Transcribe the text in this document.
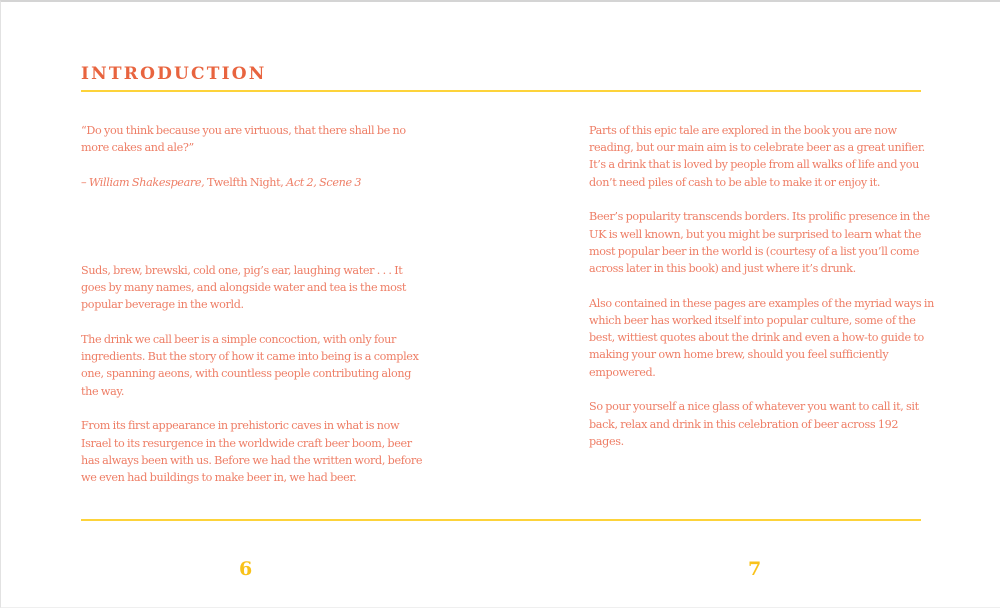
INTRODUCTION

“Do you think because you are virtuous, that there shall be no more cakes and ale?”

– William Shakespeare, Twelfth Night, Act 2, Scene 3

Suds, brew, brewski, cold one, pig’s ear, laughing water . . . It goes by many names, and alongside water and tea is the most popular beverage in the world.

The drink we call beer is a simple concoction, with only four ingredients. But the story of how it came into being is a complex one, spanning aeons, with countless people contributing along the way.

From its first appearance in prehistoric caves in what is now Israel to its resurgence in the worldwide craft beer boom, beer has always been with us. Before we had the written word, before we even had buildings to make beer in, we had beer.

Parts of this epic tale are explored in the book you are now reading, but our main aim is to celebrate beer as a great unifier. It’s a drink that is loved by people from all walks of life and you don’t need piles of cash to be able to make it or enjoy it.

Beer’s popularity transcends borders. Its prolific presence in the UK is well known, but you might be surprised to learn what the most popular beer in the world is (courtesy of a list you’ll come across later in this book) and just where it’s drunk.

Also contained in these pages are examples of the myriad ways in which beer has worked itself into popular culture, some of the best, wittiest quotes about the drink and even a how-to guide to making your own home brew, should you feel sufficiently empowered.

So pour yourself a nice glass of whatever you want to call it, sit back, relax and drink in this celebration of beer across 192 pages.

6	7
